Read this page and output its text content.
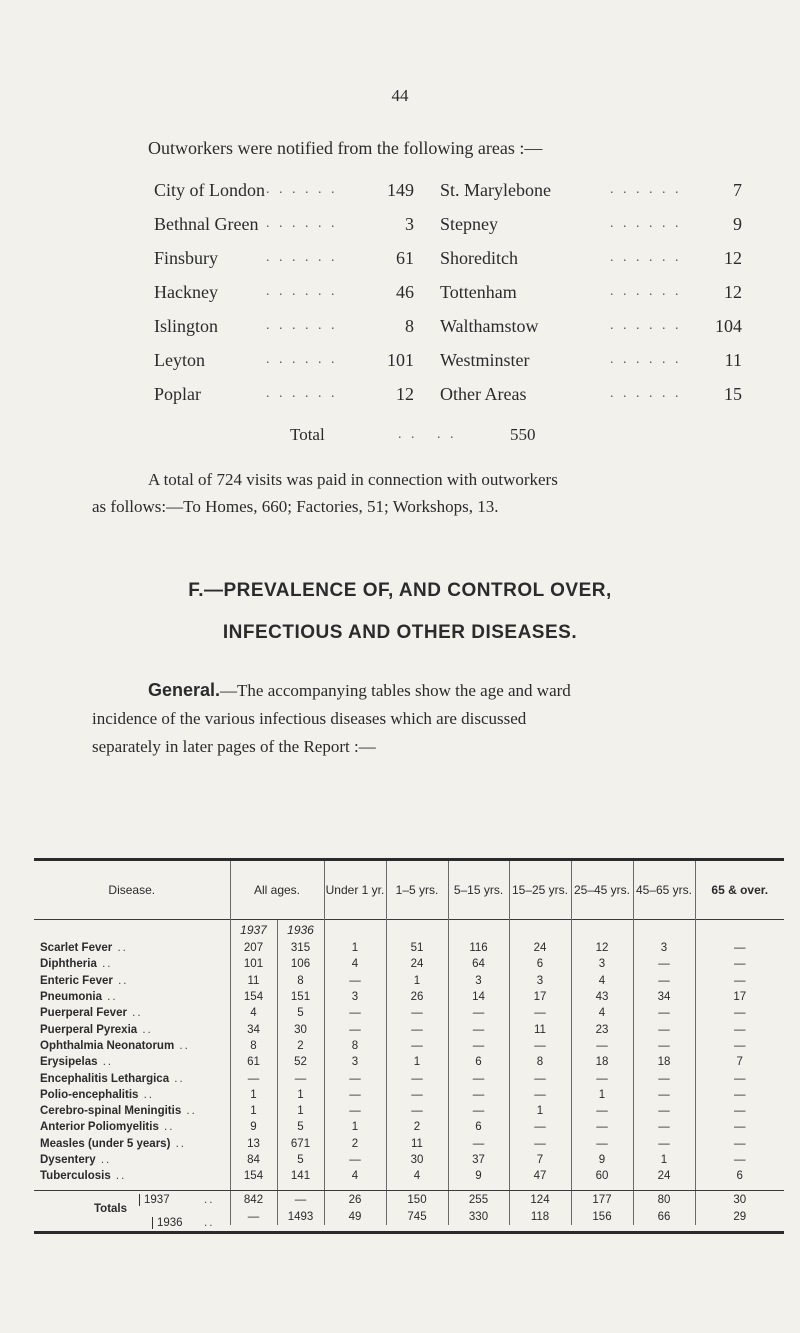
44
Outworkers were notified from the following areas :—
City of London . . . . . .	149 St. Marylebone	. . . . . .	7
Bethnal Green . . . . . .	3 Stepney	. . . . . .	9
Finsbury	. . . . . .	61 Shoreditch	. . . . . . 12
Hackney	. . . . . .	46 Tottenham	. . . . . . 12
Islington	. . . . . .	8 Walthamstow	. . . . . . 104
Leyton	. . . . . .	101 Westminster	. . . . . . 11
Poplar	. . . . . .	12 Other Areas	. . . . . . 15
Total	. .   . .	550

A total of 724 visits was paid in connection with outworkers

as follows:—To Homes, 660; Factories, 51; Workshops, 13.

F.—PREVALENCE OF, AND CONTROL OVER,
INFECTIOUS AND OTHER DISEASES.

General.—The accompanying tables show the age and ward

incidence of the various infectious diseases which are discussed

separately in later pages of the Report :—

Disease.	All ages.		Under 1 yr.	1–5 yrs.	5–15 yrs.	15–25 yrs.	25–45 yrs.	45–65 yrs.	65 & over.

	1937	1936							
Scarlet Fever ..	207	315	1	51	116	24	12	3	—
Diphtheria ..	101	106	4	24	64	6	3	—	—
Enteric Fever ..	11	8	—	1	3	3	4	—	—
Pneumonia ..	154	151	3	26	14	17	43	34	17
Puerperal Fever ..	4	5	—	—	—	—	4	—	—
Puerperal Pyrexia ..	34	30	—	—	—	11	23	—	—
Ophthalmia Neonatorum ..	8	2	8	—	—	—	—	—	—
Erysipelas ..	61	52	3	1	6	8	18	18	7
Encephalitis Lethargica ..	—	—	—	—	—	—	—	—	—
Polio-encephalitis ..	1	1	—	—	—	—	1	—	—
Cerebro-spinal Meningitis ..	1	1	—	—	—	1	—	—	—
Anterior Poliomyelitis ..	9	5	1	2	6	—	—	—	—
Measles (under 5 years) ..	13	671	2	11	—	—	—	—	—
Dysentery ..	84	5	—	30	37	7	9	1	—
Tuberculosis ..	154	141	4	4	9	47	60	24	6

Totals
1937 ..	842	—	26	150	255	124	177	80	30

1936 ..	—	1493	49	745	330	118	156	66	29
